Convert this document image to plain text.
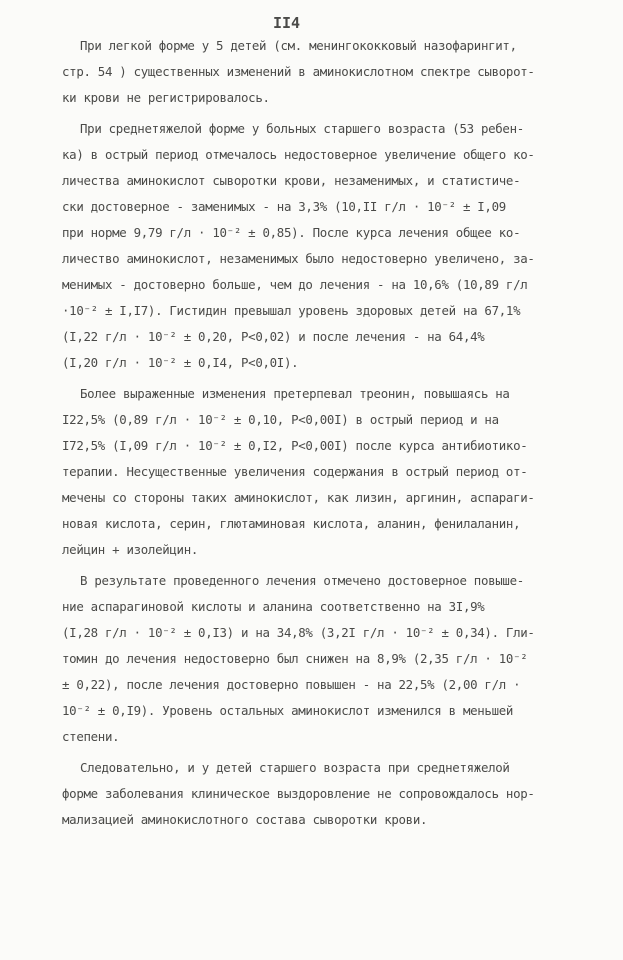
II4
При легкой форме у 5 детей (см. менингококковый назофарингит,
стр. 54 ) существенных изменений в аминокислотном спектре сыворот-
ки крови не регистрировалось.
При среднетяжелой форме у больных старшего возраста (53 ребен-
ка) в острый период отмечалось недостоверное увеличение общего ко-
личества аминокислот сыворотки крови, незаменимых, и статистиче-
ски достоверное - заменимых - на 3,3% (10,II г/л · 10⁻² ± I,09
при норме 9,79 г/л · 10⁻² ± 0,85). После курса лечения общее ко-
личество аминокислот, незаменимых было недостоверно увеличено, за-
менимых - достоверно больше, чем до лечения - на 10,6% (10,89 г/л
·10⁻² ± I,I7). Гистидин превышал уровень здоровых детей на 67,1%
(I,22 г/л · 10⁻² ± 0,20, P<0,02) и после лечения - на 64,4%
(I,20 г/л · 10⁻² ± 0,I4, P<0,0I).
Более выраженные изменения претерпевал треонин, повышаясь на
I22,5% (0,89 г/л · 10⁻² ± 0,10, P<0,00I) в острый период и на
I72,5% (I,09 г/л · 10⁻² ± 0,I2, P<0,00I) после курса антибиотико-
терапии. Несущественные увеличения содержания в острый период от-
мечены со стороны таких аминокислот, как лизин, аргинин, аспараги-
новая кислота, серин, глютаминовая кислота, аланин, фенилаланин,
лейцин + изолейцин.
В результате проведенного лечения отмечено достоверное повыше-
ние аспарагиновой кислоты и аланина соответственно на 3I,9%
(I,28 г/л · 10⁻² ± 0,I3) и на 34,8% (3,2I г/л · 10⁻² ± 0,34). Гли-
томин до лечения недостоверно был снижен на 8,9% (2,35 г/л · 10⁻²
± 0,22), после лечения достоверно повышен - на 22,5% (2,00 г/л ·
10⁻² ± 0,I9). Уровень остальных аминокислот изменился в меньшей
степени.
Следовательно, и у детей старшего возраста при среднетяжелой
форме заболевания клиническое выздоровление не сопровождалось нор-
мализацией аминокислотного состава сыворотки крови.
